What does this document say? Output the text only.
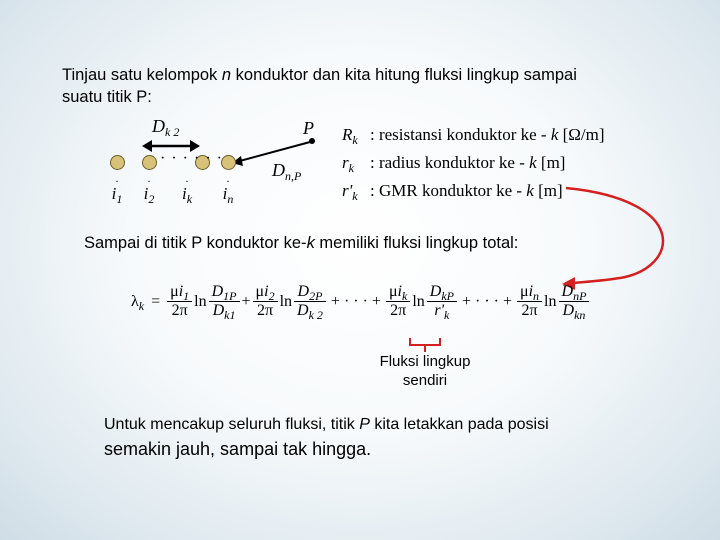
Tinjau satu kelompok n konduktor dan kita hitung fluksi lingkup sampai
suatu titik P:
· · · · · ·
$D_{k 2}$	P
$D_{n,P}$
·
$i_1$
·
$i_2$
·
$i_k$
·
$i_n$
$R_k$ : resistansi konduktor ke - k [Ω/m]
$r_k$ : radius konduktor ke - k [m]
$r'_k$ : GMR konduktor ke - k [m]
Sampai di titik P konduktor ke-k memiliki fluksi lingkup total:
$\lambda_k = \frac{\mu i_1}{2\pi}$ $\ln \frac{D_{1P}}{D_{k1}} + \frac{\mu i_2}{2\pi}$ $\ln \frac{D_{2P}}{D_{k 2}}$ + · · · + $\frac{\mu i_k}{2\pi}$ $\ln \frac{D_{kP}}{r'_k}$ + · · · + $\frac{\mu i_n}{2\pi}$ $\ln \frac{D_{nP}}{D_{kn}}$
Fluksi lingkup
sendiri
Untuk mencakup seluruh fluksi, titik P kita letakkan pada posisi
semakin jauh, sampai tak hingga.
